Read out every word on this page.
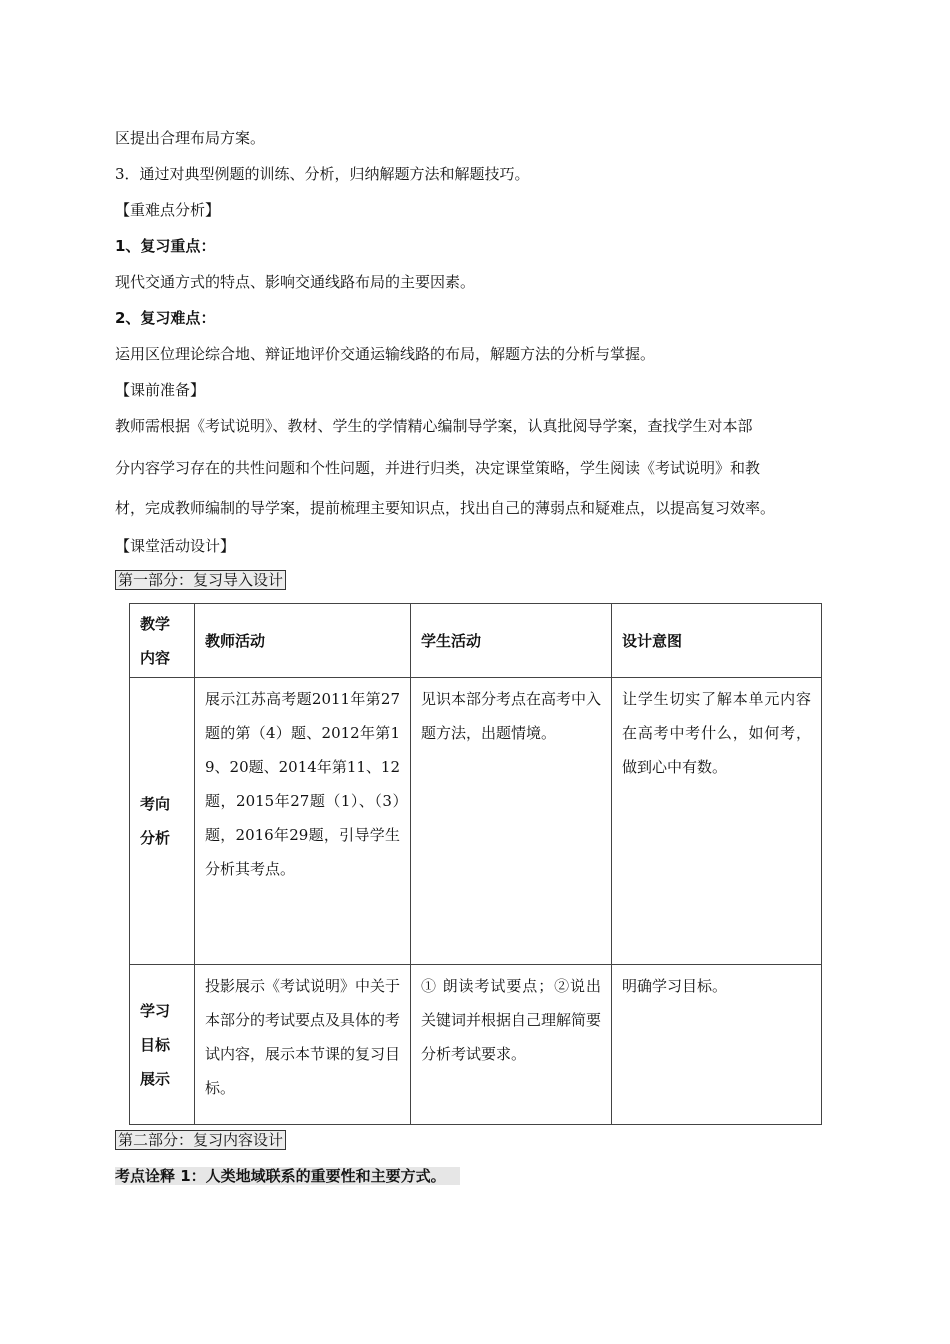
区提出合理布局方案。
3．通过对典型例题的训练、分析，归纳解题方法和解题技巧。
【重难点分析】
1、复习重点：
现代交通方式的特点、影响交通线路布局的主要因素。
2、复习难点：
运用区位理论综合地、辩证地评价交通运输线路的布局，解题方法的分析与掌握。
【课前准备】
教师需根据《考试说明》、教材、学生的学情精心编制导学案，认真批阅导学案，查找学生对本部
分内容学习存在的共性问题和个性问题，并进行归类，决定课堂策略，学生阅读《考试说明》和教
材，完成教师编制的导学案，提前梳理主要知识点，找出自己的薄弱点和疑难点，以提高复习效率。
【课堂活动设计】
第一部分：复习导入设计
教学内容	教师活动	学生活动	设计意图
考向分析	展示江苏高考题2011年第27题的第（4）题、2012年第19、20题、2014年第11、12题，2015年27题（1）、（3）题，2016年29题，引导学生分析其考点。	见识本部分考点在高考中入题方法，出题情境。	让学生切实了解本单元内容在高考中考什么，如何考，做到心中有数。
学习目标展示	投影展示《考试说明》中关于本部分的考试要点及具体的考试内容，展示本节课的复习目标。	① 朗读考试要点；②说出关键词并根据自己理解简要分析考试要求。	明确学习目标。
第二部分：复习内容设计
考点诠释 1：人类地域联系的重要性和主要方式。
